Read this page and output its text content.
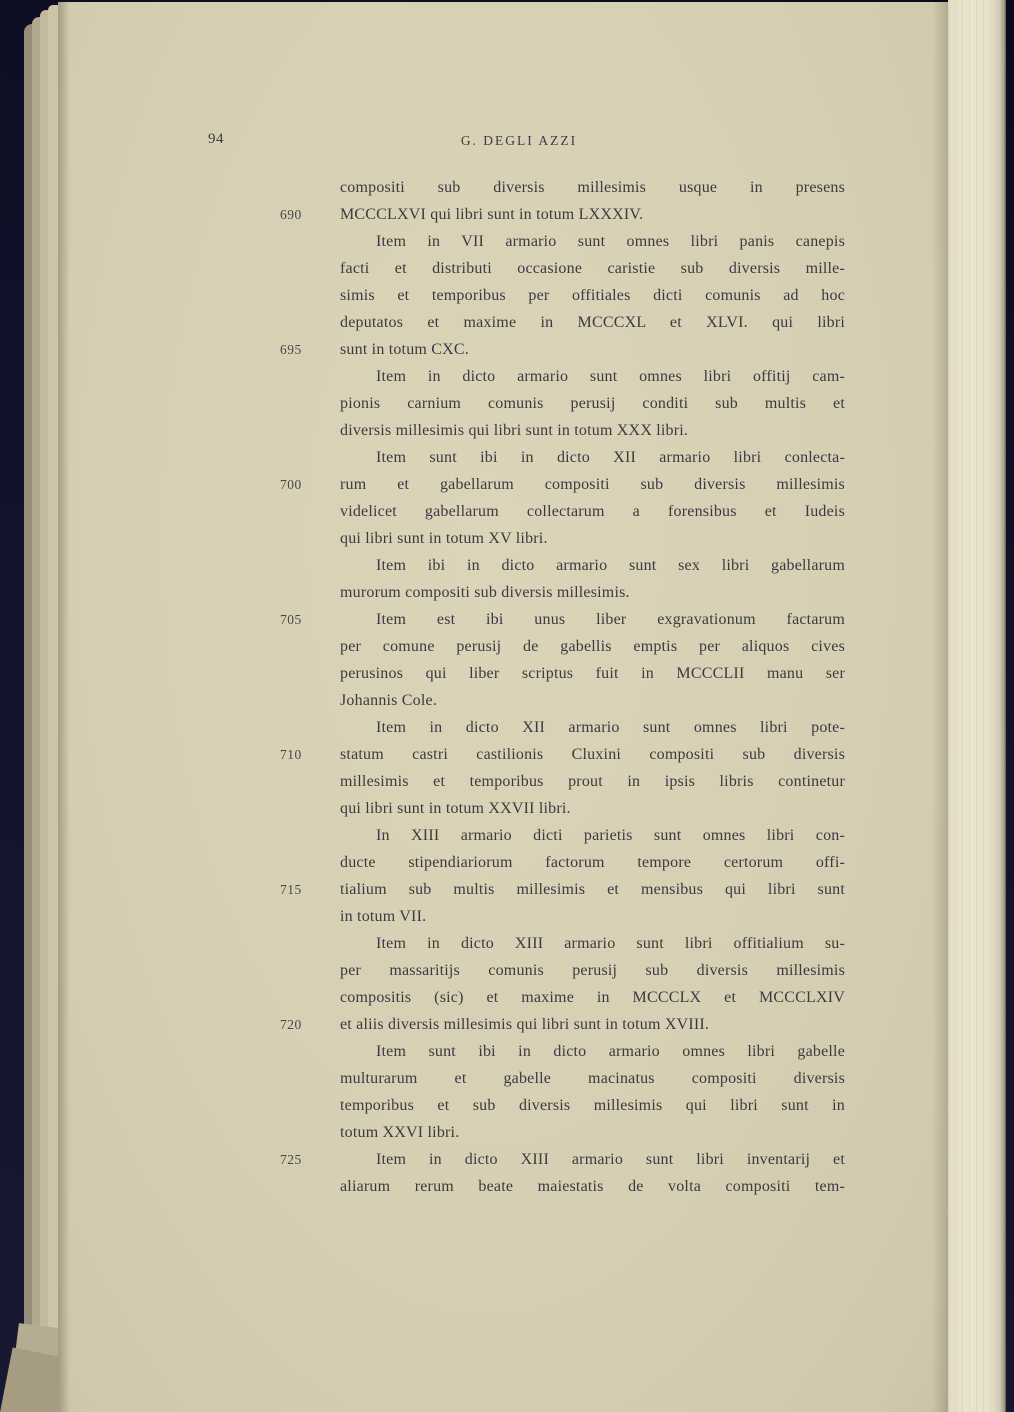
94	G. DEGLI AZZI
compositi sub diversis millesimis usque in presens
690	MCCCLXVI qui libri sunt in totum LXXXIV.
Item in VII armario sunt omnes libri panis canepis
facti et distributi occasione caristie sub diversis mille-
simis et temporibus per offitiales dicti comunis ad hoc
deputatos et maxime in MCCCXL et XLVI. qui libri
695	sunt in totum CXC.
Item in dicto armario sunt omnes libri offitij cam-
pionis carnium comunis perusij conditi sub multis et
diversis millesimis qui libri sunt in totum XXX libri.
Item sunt ibi in dicto XII armario libri conlecta-
700	rum et gabellarum compositi sub diversis millesimis
videlicet gabellarum collectarum a forensibus et Iudeis
qui libri sunt in totum XV libri.
Item ibi in dicto armario sunt sex libri gabellarum
murorum compositi sub diversis millesimis.
705	Item est ibi unus liber exgravationum factarum
per comune perusij de gabellis emptis per aliquos cives
perusinos qui liber scriptus fuit in MCCCLII manu ser
Johannis Cole.
Item in dicto XII armario sunt omnes libri pote-
710	statum castri castilionis Cluxini compositi sub diversis
millesimis et temporibus prout in ipsis libris continetur
qui libri sunt in totum XXVII libri.
In XIII armario dicti parietis sunt omnes libri con-
ducte stipendiariorum factorum tempore certorum offi-
715	tialium sub multis millesimis et mensibus qui libri sunt
in totum VII.
Item in dicto XIII armario sunt libri offitialium su-
per massaritijs comunis perusij sub diversis millesimis
compositis (sic) et maxime in MCCCLX et MCCCLXIV
720	et aliis diversis millesimis qui libri sunt in totum XVIII.
Item sunt ibi in dicto armario omnes libri gabelle
multurarum et gabelle macinatus compositi diversis
temporibus et sub diversis millesimis qui libri sunt in
totum XXVI libri.
725	Item in dicto XIII armario sunt libri inventarij et
aliarum rerum beate maiestatis de volta compositi tem-
